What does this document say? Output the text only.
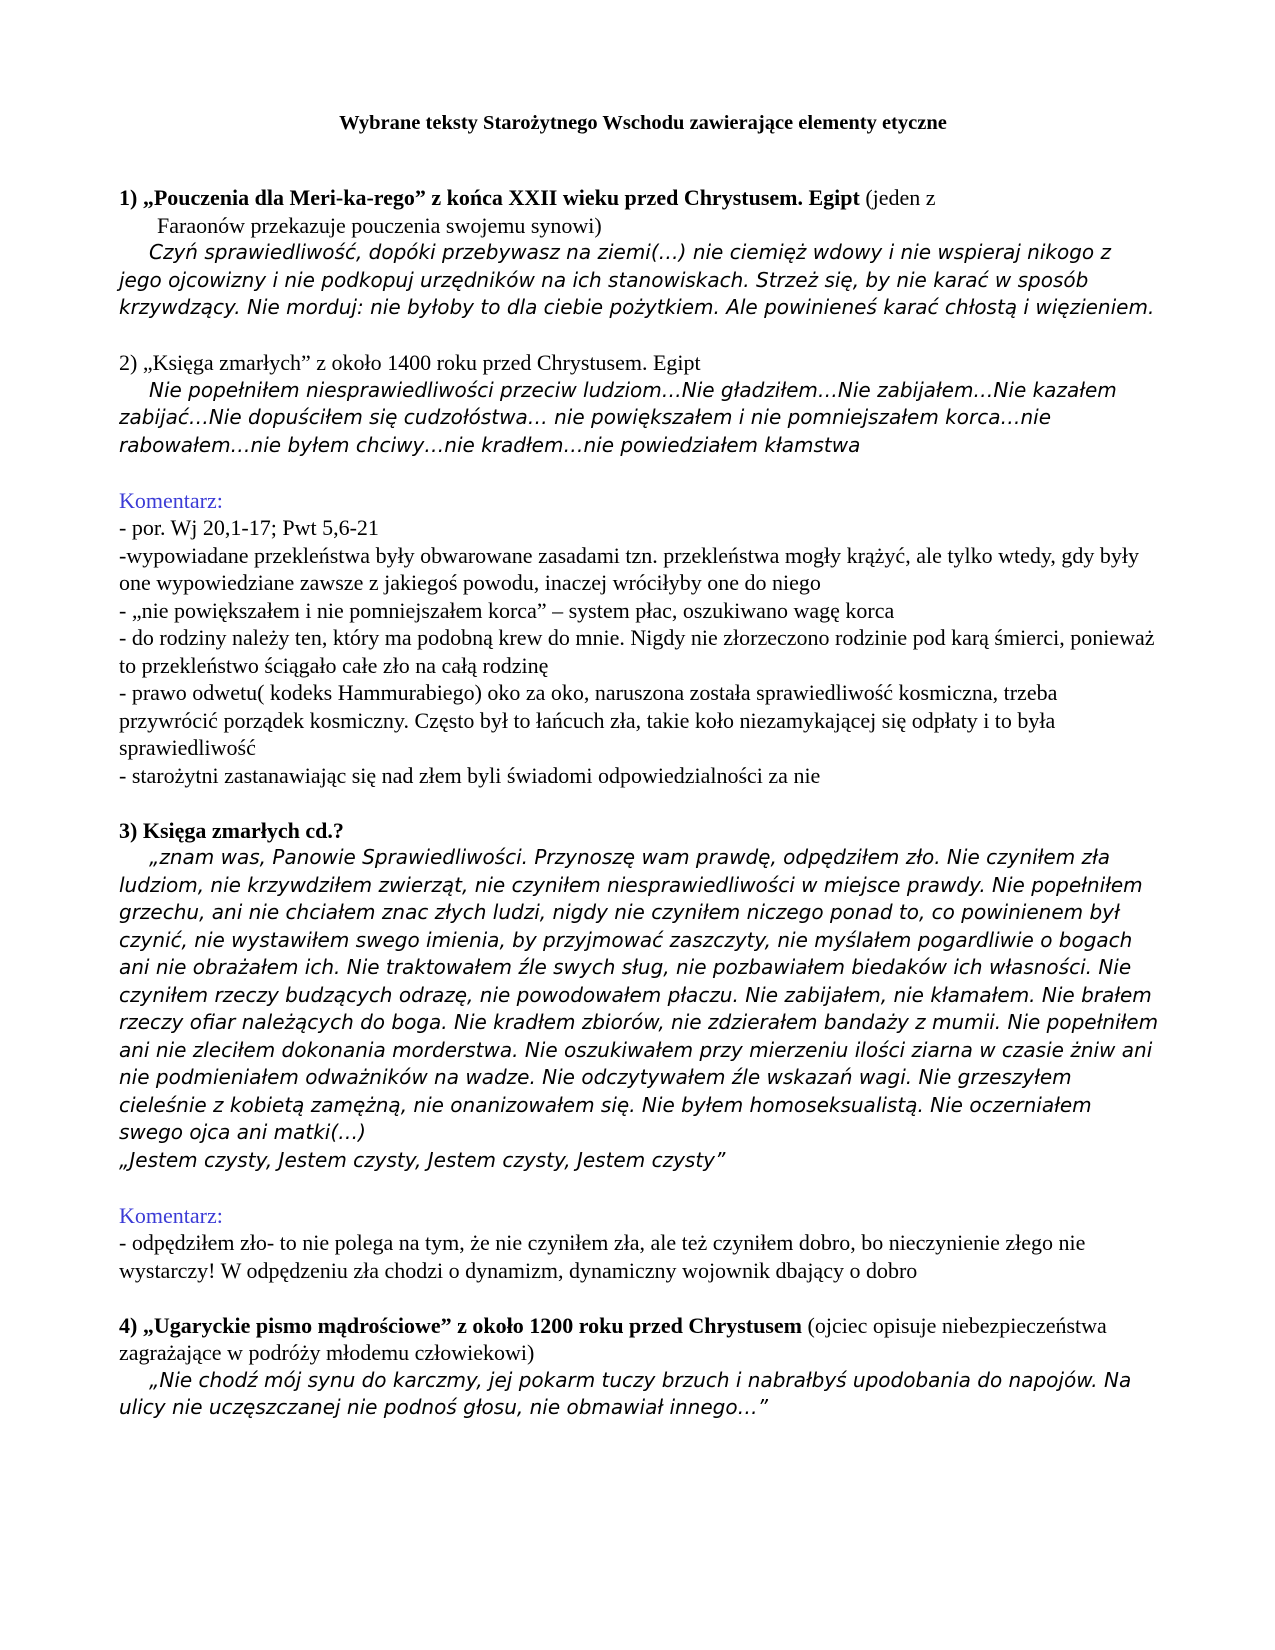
Wybrane teksty Starożytnego Wschodu zawierające elementy etyczne

1) „Pouczenia dla Meri-ka-rego” z końca XXII wieku przed Chrystusem. Egipt (jeden z
Faraonów przekazuje pouczenia swojemu synowi)

Czyń sprawiedliwość, dopóki przebywasz na ziemi(…) nie ciemięż wdowy i nie wspieraj nikogo z jego ojcowizny i nie podkopuj urzędników na ich stanowiskach. Strzeż się, by nie karać w sposób krzywdzący. Nie morduj: nie byłoby to dla ciebie pożytkiem. Ale powinieneś karać chłostą i więzieniem.

2) „Księga zmarłych” z około 1400 roku przed Chrystusem. Egipt

Nie popełniłem niesprawiedliwości przeciw ludziom…Nie gładziłem…Nie zabijałem…Nie kazałem zabijać…Nie dopuściłem się cudzołóstwa… nie powiększałem i nie pomniejszałem korca…nie rabowałem…nie byłem chciwy…nie kradłem…nie powiedziałem kłamstwa

Komentarz:

- por. Wj 20,1-17; Pwt 5,6-21

-wypowiadane przekleństwa były obwarowane zasadami tzn. przekleństwa mogły krążyć, ale tylko wtedy, gdy były one wypowiedziane zawsze z jakiegoś powodu, inaczej wróciłyby one do niego

- „nie powiększałem i nie pomniejszałem korca” – system płac, oszukiwano wagę korca

- do rodziny należy ten, który ma podobną krew do mnie. Nigdy nie złorzeczono rodzinie pod karą śmierci, ponieważ to przekleństwo ściągało całe zło na całą rodzinę

- prawo odwetu( kodeks Hammurabiego) oko za oko, naruszona została sprawiedliwość kosmiczna, trzeba przywrócić porządek kosmiczny. Często był to łańcuch zła, takie koło niezamykającej się odpłaty i to była sprawiedliwość

- starożytni zastanawiając się nad złem byli świadomi odpowiedzialności za nie

3) Księga zmarłych cd.?

„znam was, Panowie Sprawiedliwości. Przynoszę wam prawdę, odpędziłem zło. Nie czyniłem zła ludziom, nie krzywdziłem zwierząt, nie czyniłem niesprawiedliwości w miejsce prawdy. Nie popełniłem grzechu, ani nie chciałem znac złych ludzi, nigdy nie czyniłem niczego ponad to, co powinienem był czynić, nie wystawiłem swego imienia, by przyjmować zaszczyty, nie myślałem pogardliwie o bogach ani nie obrażałem ich. Nie traktowałem źle swych sług, nie pozbawiałem biedaków ich własności. Nie czyniłem rzeczy budzących odrazę, nie powodowałem płaczu. Nie zabijałem, nie kłamałem. Nie brałem rzeczy ofiar należących do boga. Nie kradłem zbiorów, nie zdzierałem bandaży z mumii. Nie popełniłem ani nie zleciłem dokonania morderstwa. Nie oszukiwałem przy mierzeniu ilości ziarna w czasie żniw ani nie podmieniałem odważników na wadze. Nie odczytywałem źle wskazań wagi. Nie grzeszyłem cieleśnie z kobietą zamężną, nie onanizowałem się. Nie byłem homoseksualistą. Nie oczerniałem swego ojca ani matki(…)

„Jestem czysty, Jestem czysty, Jestem czysty, Jestem czysty”

Komentarz:

- odpędziłem zło- to nie polega na tym, że nie czyniłem zła, ale też czyniłem dobro, bo nieczynienie złego nie wystarczy! W odpędzeniu zła chodzi o dynamizm, dynamiczny wojownik dbający o dobro

4) „Ugaryckie pismo mądrościowe” z około 1200 roku przed Chrystusem (ojciec opisuje niebezpieczeństwa zagrażające w podróży młodemu człowiekowi)

„Nie chodź mój synu do karczmy, jej pokarm tuczy brzuch i nabrałbyś upodobania do napojów. Na ulicy nie uczęszczanej nie podnoś głosu, nie obmawiał innego…”
